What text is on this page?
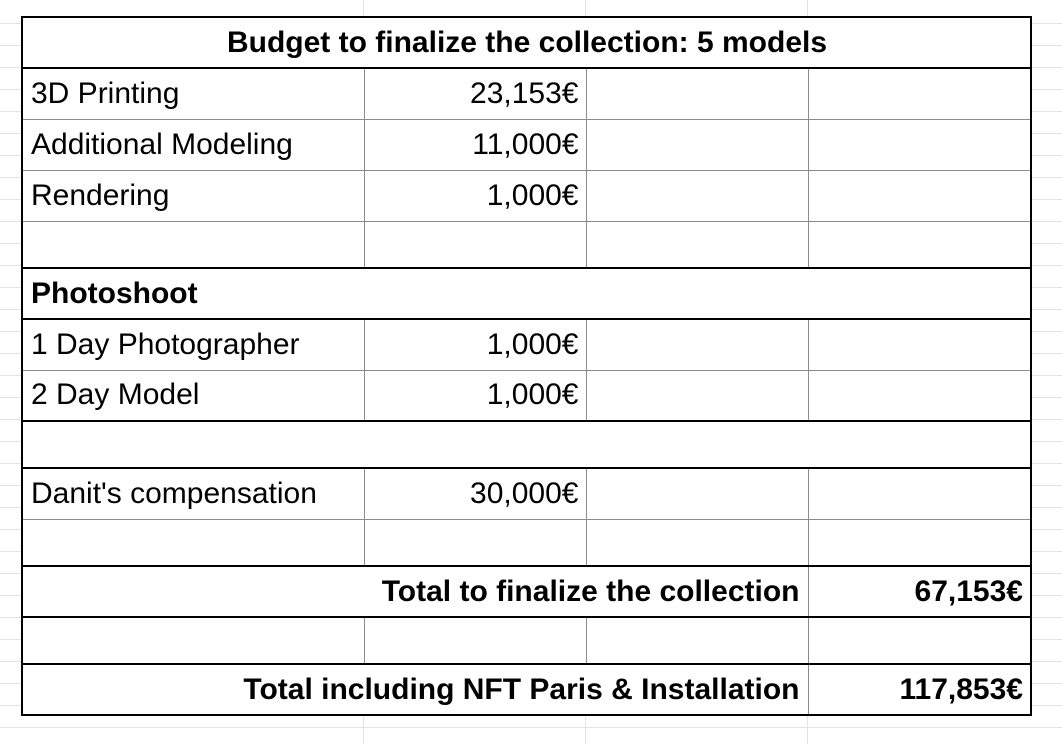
Budget to finalize the collection: 5 models			
3D Printing	23,153€		
Additional Modeling	11,000€		
Rendering	1,000€		

Photoshoot			
1 Day Photographer	1,000€		
2 Day Model	1,000€		

Danit's compensation	30,000€		

Total to finalize the collection			67,153€

Total including NFT Paris & Installation			117,853€
